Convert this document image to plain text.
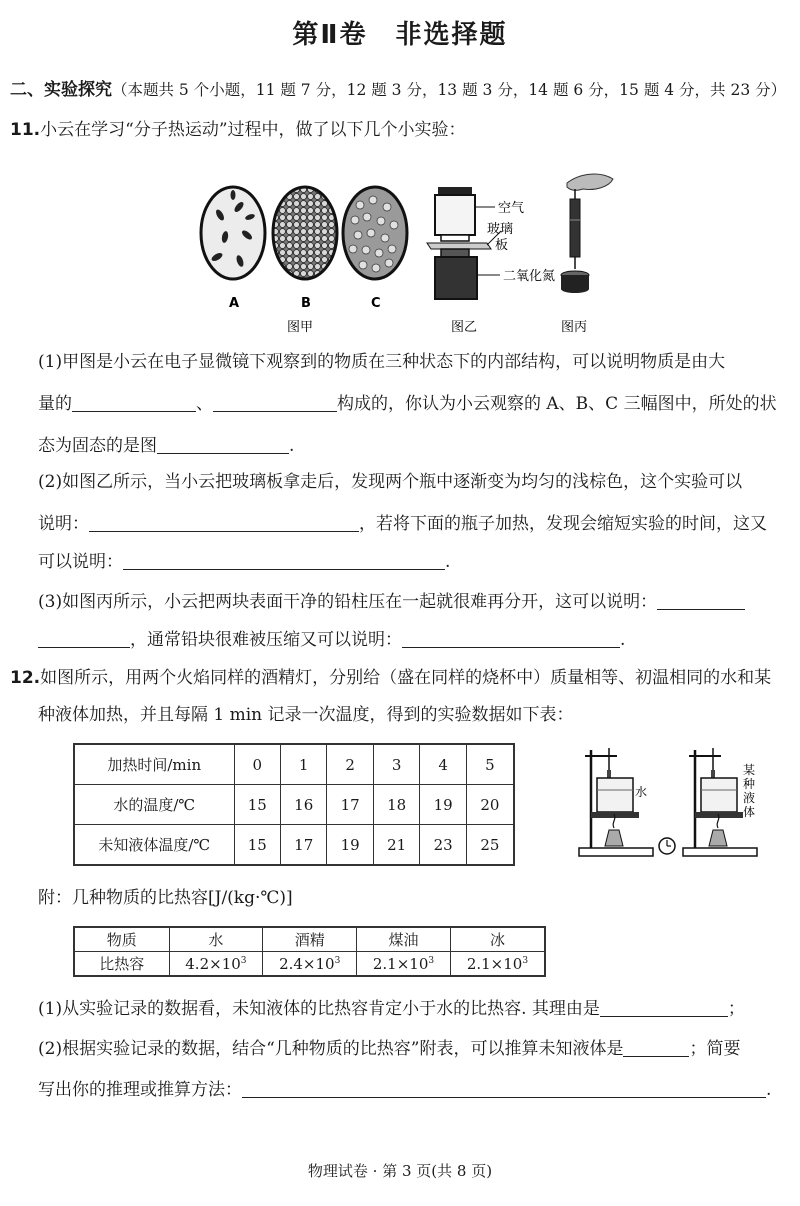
第Ⅱ卷　非选择题
二、实验探究（本题共 5 个小题，11 题 7 分，12 题 3 分，13 题 3 分，14 题 6 分，15 题 4 分，共 23 分）
11.小云在学习“分子热运动”过程中，做了以下几个小实验：
A	B	C
图甲
空气
玻璃
板
二氧化氮
图乙	图丙
(1)甲图是小云在电子显微镜下观察到的物质在三种状态下的内部结构，可以说明物质是由大
量的	、	构成的，你认为小云观察的 A、B、C 三幅图中，所处的状
态为固态的是图	.
(2)如图乙所示，当小云把玻璃板拿走后，发现两个瓶中逐渐变为均匀的浅棕色，这个实验可以
说明：	，若将下面的瓶子加热，发现会缩短实验的时间，这又
可以说明：	.
(3)如图丙所示，小云把两块表面干净的铅柱压在一起就很难再分开，这可以说明：
，通常铅块很难被压缩又可以说明：	.
12.如图所示，用两个火焰同样的酒精灯，分别给（盛在同样的烧杯中）质量相等、初温相同的水和某
种液体加热，并且每隔 1 min 记录一次温度，得到的实验数据如下表：
加热时间/min	0	1	2	3	4	5
水的温度/℃	15	16	17	18	19	20
未知液体温度/℃	15	17	19	21	23	25
水
某
种
液
体
附：几种物质的比热容[J/(kg·℃)]
物质	水	酒精	煤油	冰
比热容	$4.2\times 10^3$	$2.4\times 10^3$	$2.1\times 10^3$	$2.1\times 10^3$
(1)从实验记录的数据看，未知液体的比热容肯定小于水的比热容. 其理由是	；
(2)根据实验记录的数据，结合“几种物质的比热容”附表，可以推算未知液体是	；简要
写出你的推理或推算方法：	.
物理试卷 · 第 3 页(共 8 页)
